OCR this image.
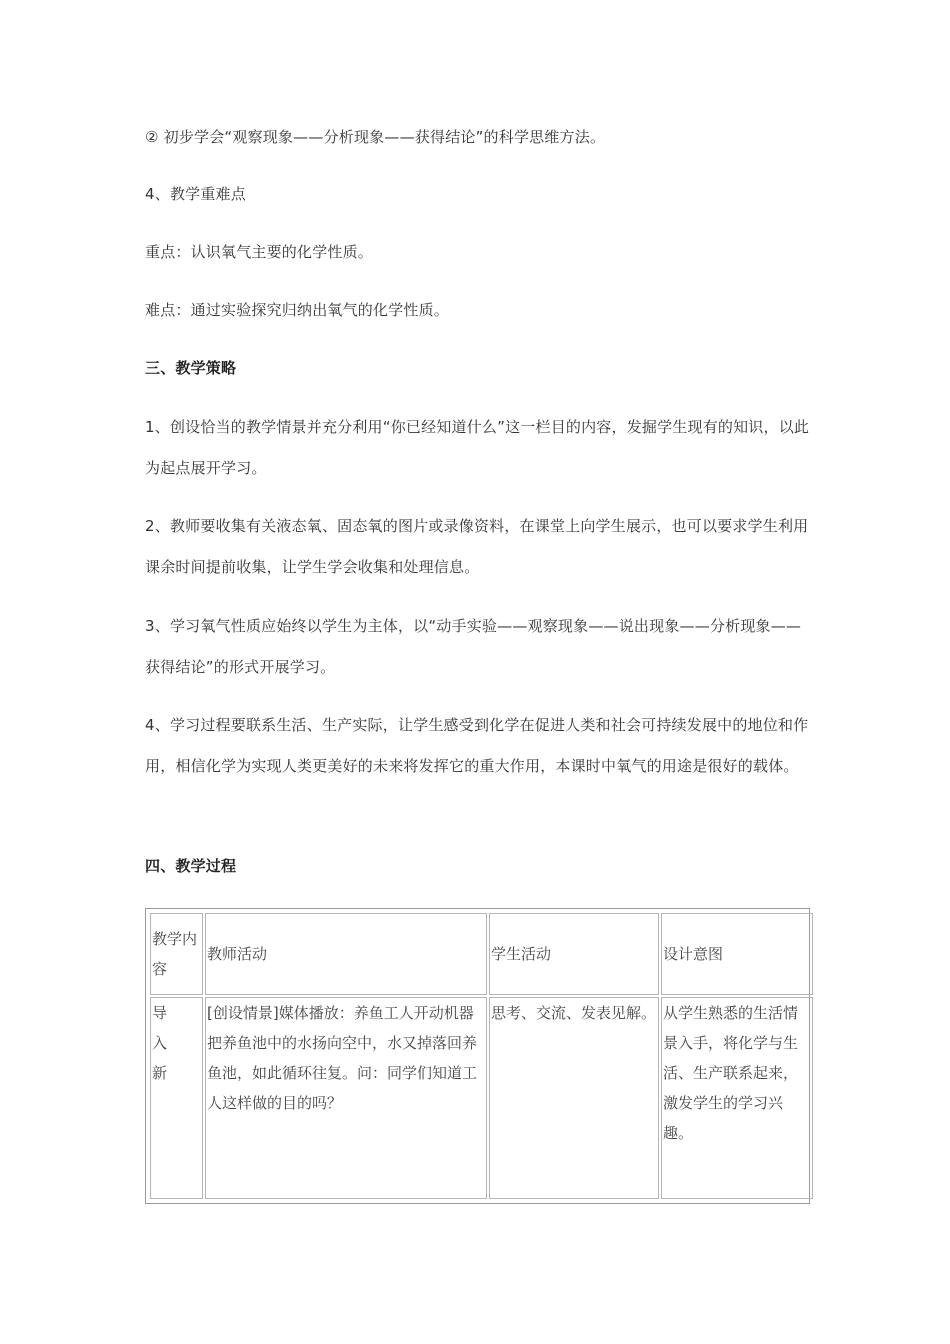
② 初步学会“观察现象——分析现象——获得结论”的科学思维方法。

4、教学重难点

重点：认识氧气主要的化学性质。

难点：通过实验探究归纳出氧气的化学性质。

三、教学策略

1、创设恰当的教学情景并充分利用“你已经知道什么”这一栏目的内容，发掘学生现有的知识，以此为起点展开学习。

2、教师要收集有关液态氧、固态氧的图片或录像资料，在课堂上向学生展示，也可以要求学生利用课余时间提前收集，让学生学会收集和处理信息。

3、学习氧气性质应始终以学生为主体，以“动手实验——观察现象——说出现象——分析现象——获得结论”的形式开展学习。

4、学习过程要联系生活、生产实际，让学生感受到化学在促进人类和社会可持续发展中的地位和作用，相信化学为实现人类更美好的未来将发挥它的重大作用，本课时中氧气的用途是很好的载体。

四、教学过程

教学内容	教师活动	学生活动	设计意图

导
入
新	[创设情景]媒体播放：养鱼工人开动机器把养鱼池中的水扬向空中，水又掉落回养鱼池，如此循环往复。问：同学们知道工人这样做的目的吗？	思考、交流、发表见解。	从学生熟悉的生活情景入手，将化学与生活、生产联系起来，激发学生的学习兴趣。
